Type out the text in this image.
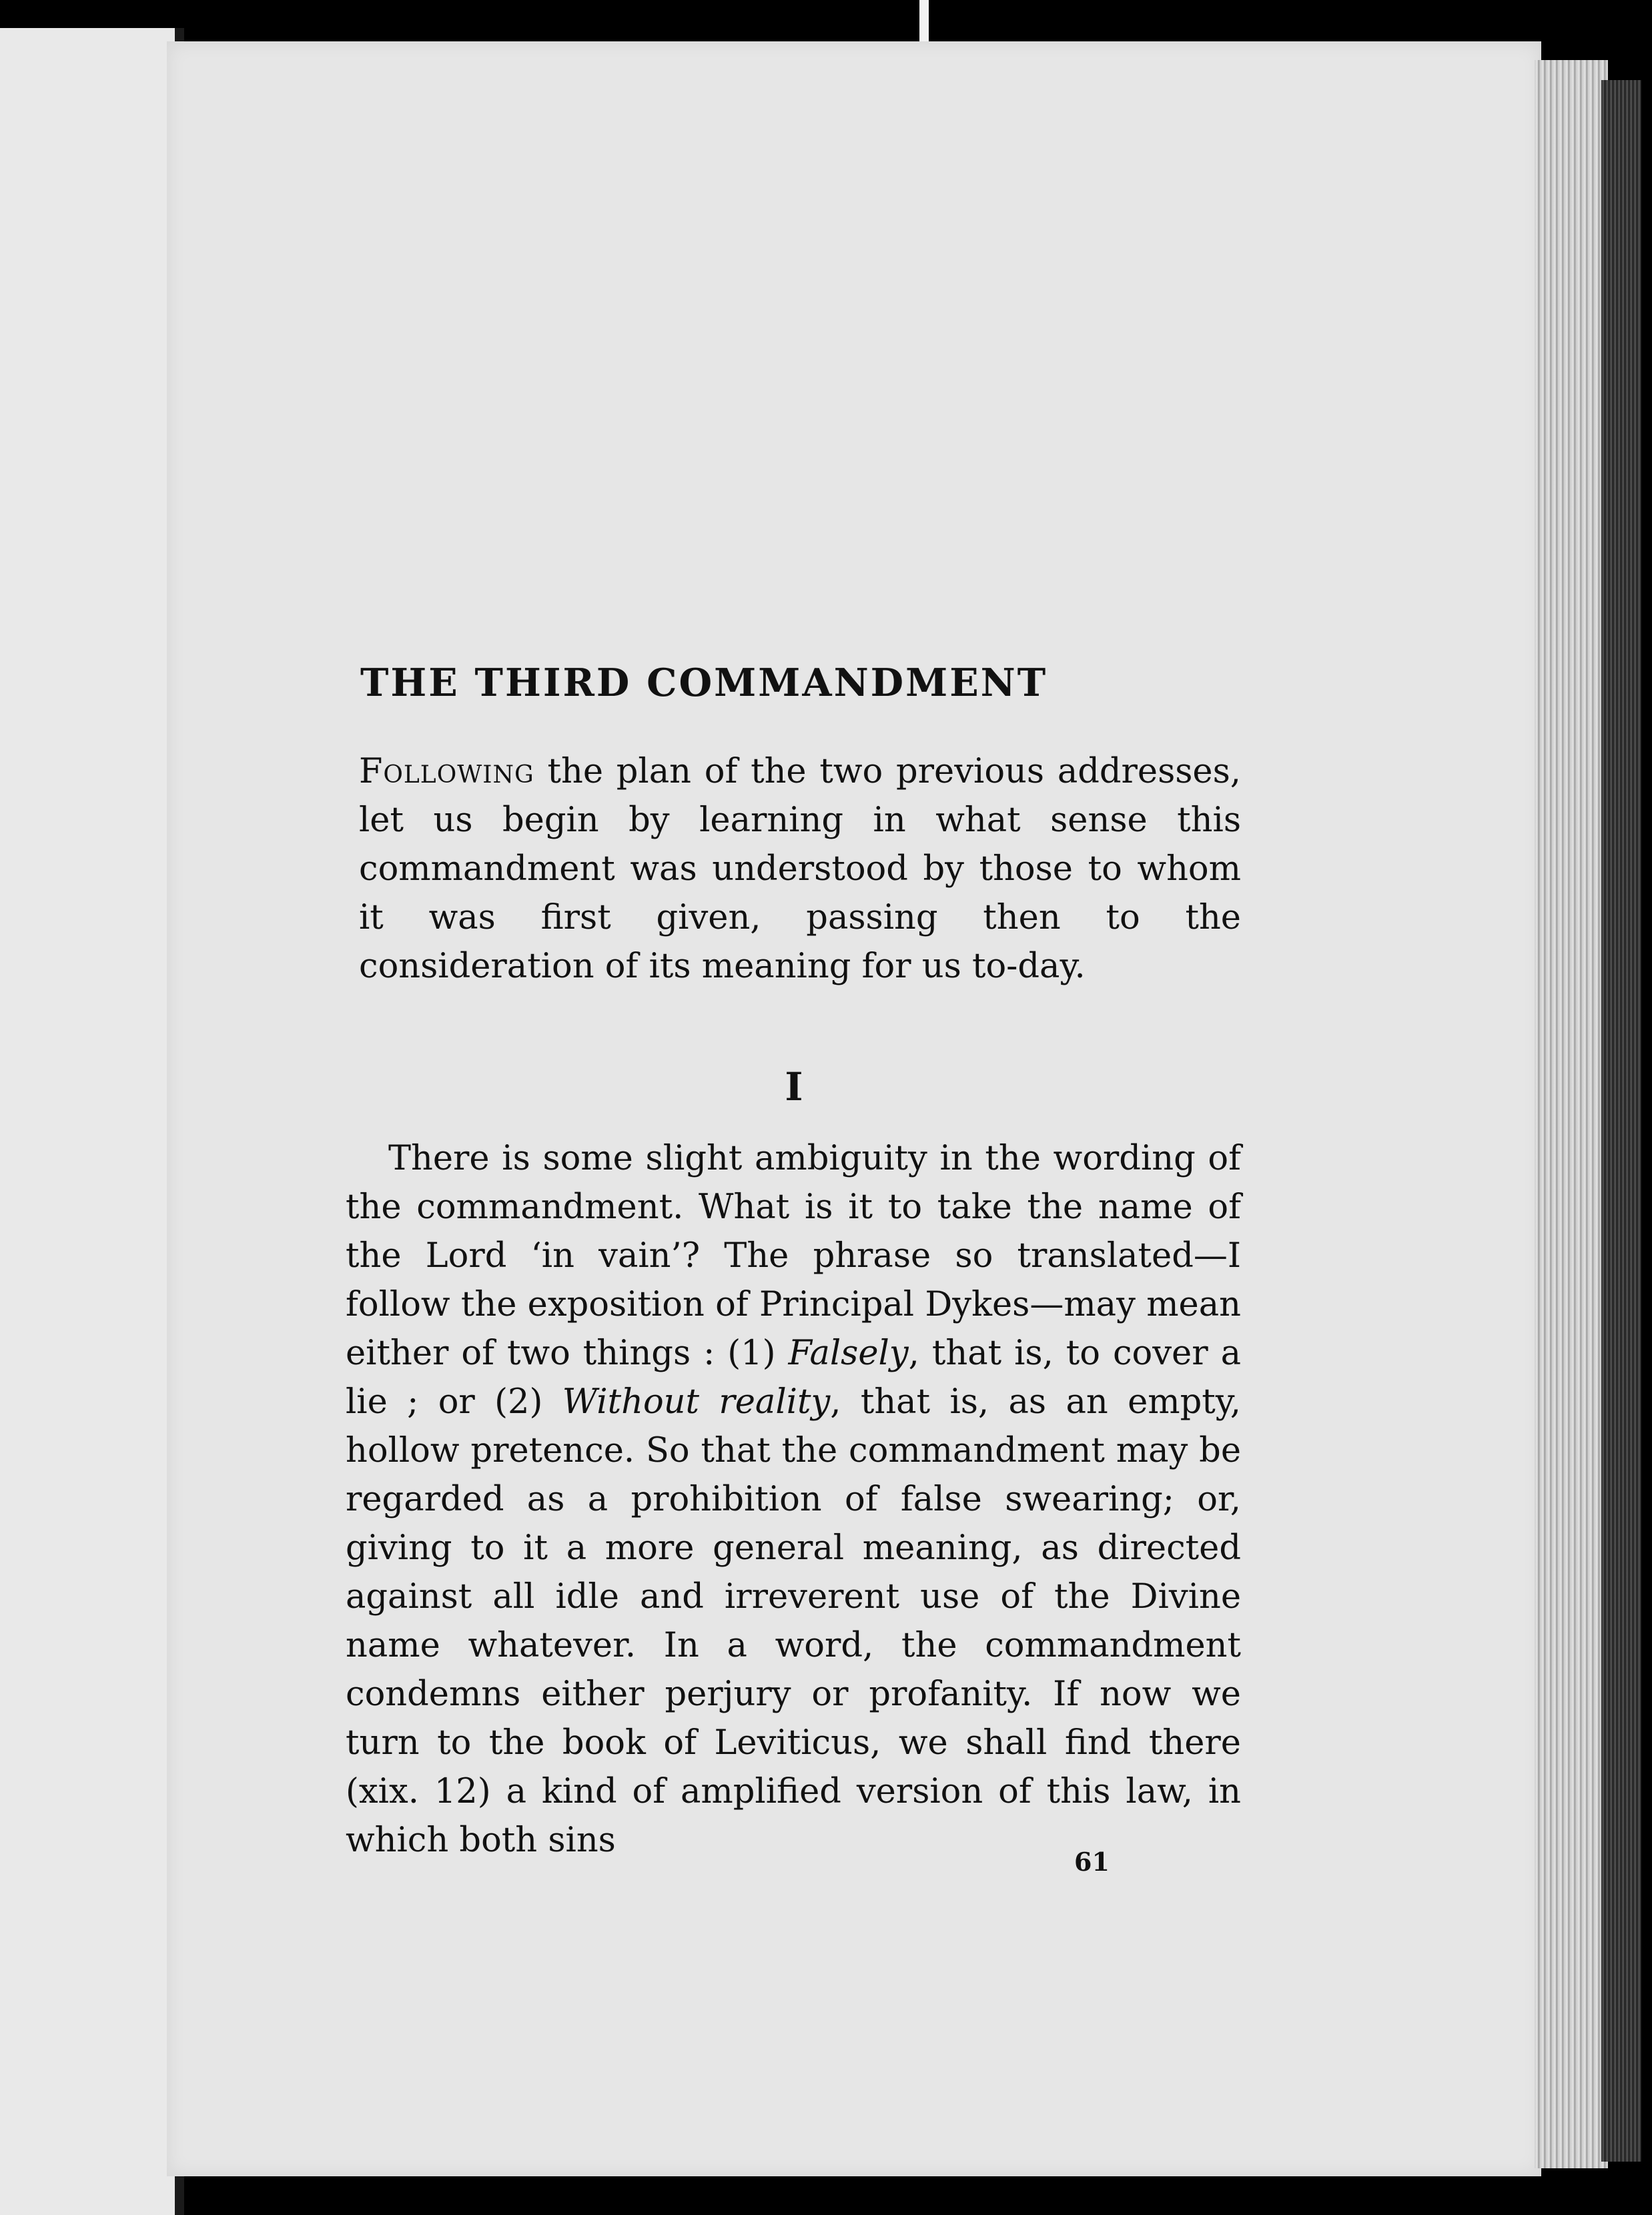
THE THIRD COMMANDMENT

Following the plan of the two previous addresses, let us begin by learning in what sense this commandment was understood by those to whom it was first given, passing then to the consideration of its meaning for us to-day.

I

There is some slight ambiguity in the wording of the commandment. What is it to take the name of the Lord ‘in vain’? The phrase so translated—I follow the exposition of Principal Dykes—may mean either of two things : (1) Falsely, that is, to cover a lie ; or (2) Without reality, that is, as an empty, hollow pretence. So that the commandment may be regarded as a prohibition of false swearing; or, giving to it a more general meaning, as directed against all idle and irreverent use of the Divine name whatever. In a word, the commandment condemns either perjury or profanity. If now we turn to the book of Leviticus, we shall find there (xix. 12) a kind of amplified version of this law, in which both sins

61
